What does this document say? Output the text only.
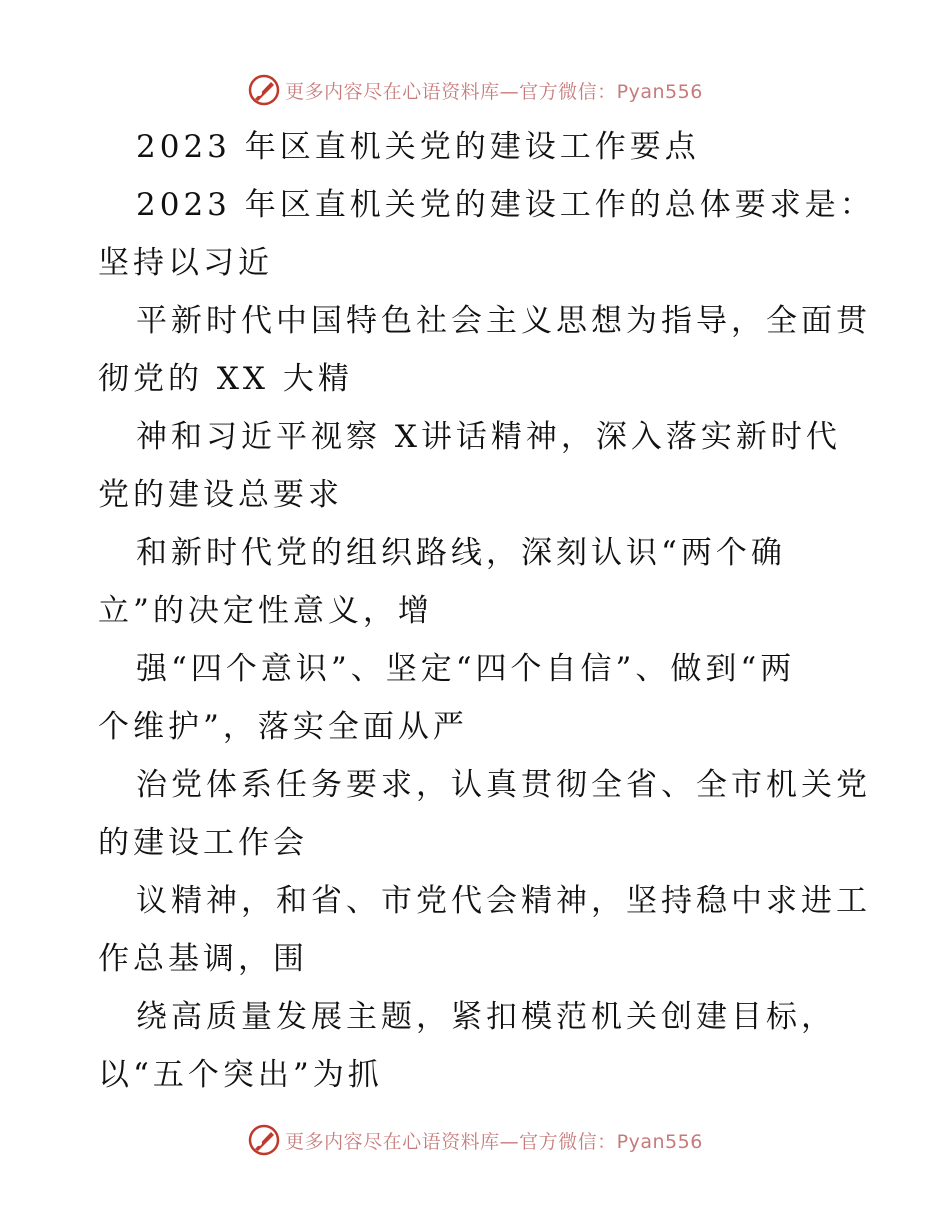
更多内容尽在心语资料库—官方微信：Pyan556
2023 年区直机关党的建设工作要点
2023 年区直机关党的建设工作的总体要求是：
坚持以习近
平新时代中国特色社会主义思想为指导，全面贯
彻党的 XX 大精
神和习近平视察 X讲话精神，深入落实新时代
党的建设总要求
和新时代党的组织路线，深刻认识“两个确
立”的决定性意义，增
强“四个意识”、坚定“四个自信”、做到“两
个维护”，落实全面从严
治党体系任务要求，认真贯彻全省、全市机关党
的建设工作会
议精神，和省、市党代会精神，坚持稳中求进工
作总基调，围
绕高质量发展主题，紧扣模范机关创建目标，
以“五个突出”为抓
更多内容尽在心语资料库—官方微信：Pyan556
